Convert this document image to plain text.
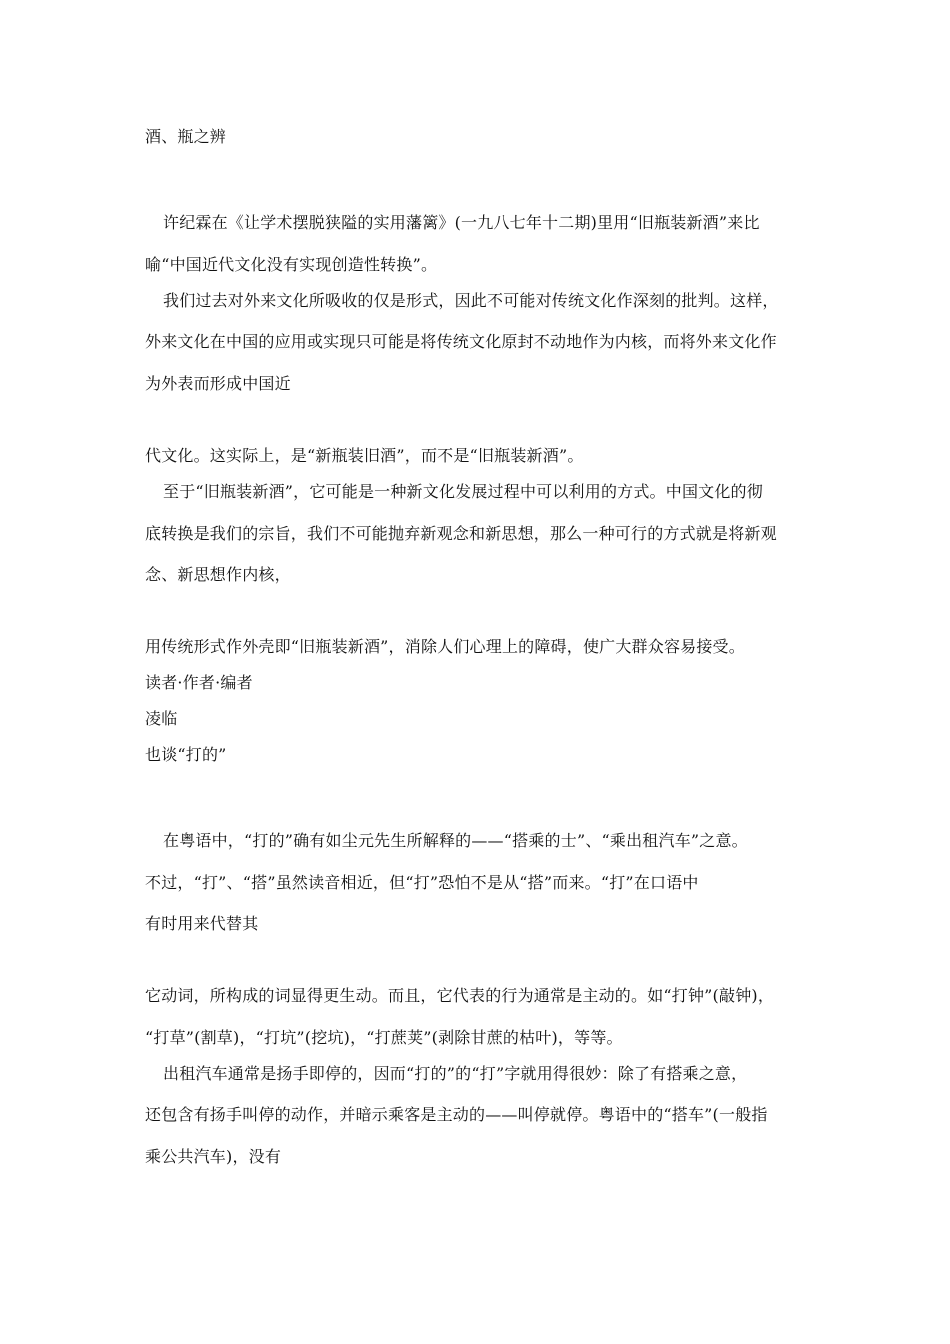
酒、瓶之辨
许纪霖在《让学术摆脱狭隘的实用藩篱》(一九八七年十二期)里用“旧瓶装新酒”来比
喻“中国近代文化没有实现创造性转换”。
我们过去对外来文化所吸收的仅是形式，因此不可能对传统文化作深刻的批判。这样，
外来文化在中国的应用或实现只可能是将传统文化原封不动地作为内核，而将外来文化作
为外表而形成中国近
代文化。这实际上，是“新瓶装旧酒”，而不是“旧瓶装新酒”。
至于“旧瓶装新酒”，它可能是一种新文化发展过程中可以利用的方式。中国文化的彻
底转换是我们的宗旨，我们不可能抛弃新观念和新思想，那么一种可行的方式就是将新观
念、新思想作内核，
用传统形式作外壳即“旧瓶装新酒”，消除人们心理上的障碍，使广大群众容易接受。
读者·作者·编者
凌临
也谈“打的”
在粤语中，“打的”确有如尘元先生所解释的——“搭乘的士”、“乘出租汽车”之意。
不过，“打”、“搭”虽然读音相近，但“打”恐怕不是从“搭”而来。“打”在口语中
有时用来代替其
它动词，所构成的词显得更生动。而且，它代表的行为通常是主动的。如“打钟”(敲钟)，
“打草”(割草)，“打坑”(挖坑)，“打蔗荚”(剥除甘蔗的枯叶)，等等。
出租汽车通常是扬手即停的，因而“打的”的“打”字就用得很妙：除了有搭乘之意，
还包含有扬手叫停的动作，并暗示乘客是主动的——叫停就停。粤语中的“搭车”(一般指
乘公共汽车)，没有
